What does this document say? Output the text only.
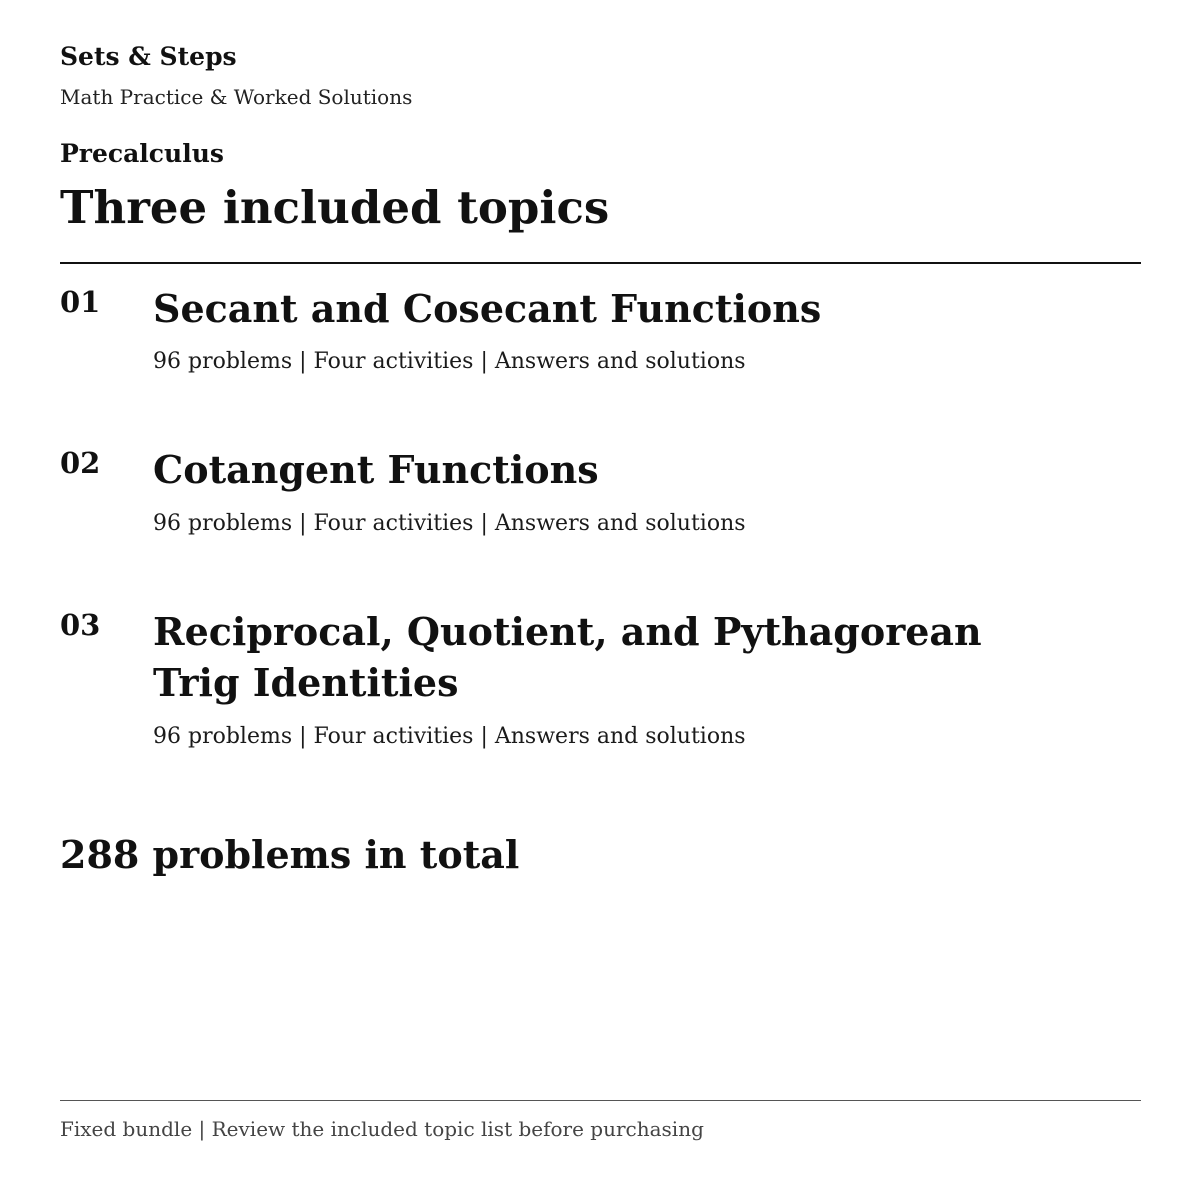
Sets & Steps
Math Practice & Worked Solutions
Precalculus
Three included topics
01 Secant and Cosecant Functions
96 problems | Four activities | Answers and solutions
02 Cotangent Functions
96 problems | Four activities | Answers and solutions
03 Reciprocal, Quotient, and Pythagorean Trig Identities
96 problems | Four activities | Answers and solutions
288 problems in total
Fixed bundle | Review the included topic list before purchasing
